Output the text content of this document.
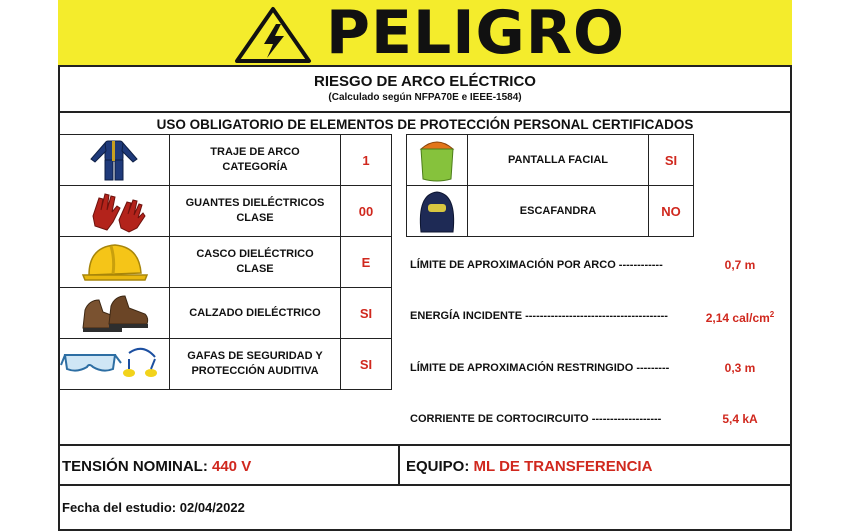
PELIGRO
RIESGO DE ARCO ELÉCTRICO
(Calculado según NFPA70E e IEEE-1584)
USO OBLIGATORIO DE ELEMENTOS DE PROTECCIÓN PERSONAL CERTIFICADOS

TRAJE DE ARCO
CATEGORÍA	1

GUANTES DIELÉCTRICOS
CLASE	00

CASCO DIELÉCTRICO
CLASE	E

CALZADO DIELÉCTRICO	SI

GAFAS DE SEGURIDAD Y
PROTECCIÓN AUDITIVA	SI
	PANTALLA FACIAL	SI

	ESCAFANDRA	NO
LÍMITE DE APROXIMACIÓN POR ARCO ------------	0,7 m
ENERGÍA INCIDENTE ---------------------------------------	2,14 cal/$cm^2$
LÍMITE DE APROXIMACIÓN RESTRINGIDO ---------	0,3 m
CORRIENTE DE CORTOCIRCUITO -------------------	5,4 kA
TENSIÓN NOMINAL: 440 V	EQUIPO: ML DE TRANSFERENCIA
Fecha del estudio: 02/04/2022
